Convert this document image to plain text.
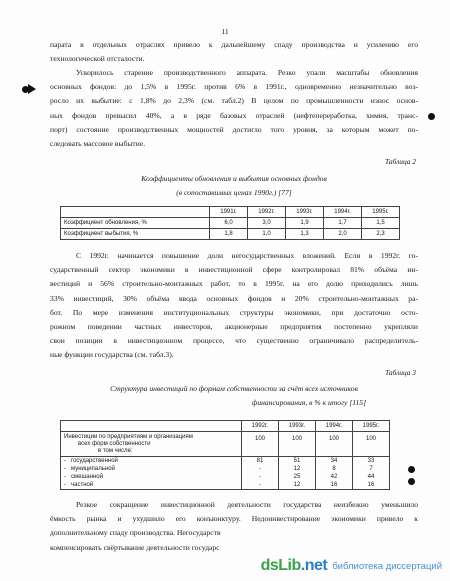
11
парата в отдельных отраслях привело к дальнейшему спаду производства и усилению его
технологической отсталости.
Ускорилось старение производственного аппарата. Резко упали масштабы обновления
основных фондов: до 1,5% в 1995г. против 6% в 1991г., одновременно незначительно воз-
росло их выбытие: с 1,8% до 2,3% (см. табл.2) В целом по промышленности износ основ-
ных фондов превысил 40%, а в ряде базовых отраслей (нефтепереработка, химия, транс-
порт) состояние производственных мощностей достигло того уровня, за которым может по-
следовать массовое выбытие.
Таблица 2
Коэффициенты обновления и выбытия основных фондов
(в сопоставимых ценах 1990г.) [77]
	1991г.	1992г.	1993г.	1994г.	1995г.
Коэффициент обновления, %	6,0	3,0	1,9	1,7	1,5
Коэффициент выбытия, %	1,8	1,0	1,3	2,0	2,3
С 1992г. начинается повышение доли негосударственных вложений. Если в 1992г. го-
сударственный сектор экономики в инвестиционной сфере контролировал 81% объёма ин-
вестиций и 56% строительно-монтажных работ, то в 1995г. на его долю приходились лишь
33% инвестиций, 30% объёма ввода основных фондов и 20% строительно-монтажных ра-
бот. По мере изменения институциональных структуры экономики, при достаточно осто-
рожном поведении частных инвесторов, акционерные предприятия постепенно укрепляли
свои позиции в инвестиционном процессе, что существенно ограничивало распределитель-
ные функции государства (см. табл.3).
Таблица 3
Структура инвестиций по формам собственности за счёт всех источников
финансирования, в % к итогу [115]
	1992г.	1993г.	1994г.	1995г.

Инвестиции по предприятиям и организациям
всех форм собственности
в том числе:	100	100	100	100
- государственной	81	51	34	33
- муниципальной	-	12	8	7
- смешанной	-	25	42	44
- частной	-	12	16	16
Резкое сокращение инвестиционной деятельности государства неизбежно уменьшило
ёмкость рынка и ухудшило его конъюнктуру. Недоинвестирование экономики привело к
дополнительному спаду производства. Негосударств
компенсировать свёртывание деятельности государс
dsLib.net библиотека диссертаций
